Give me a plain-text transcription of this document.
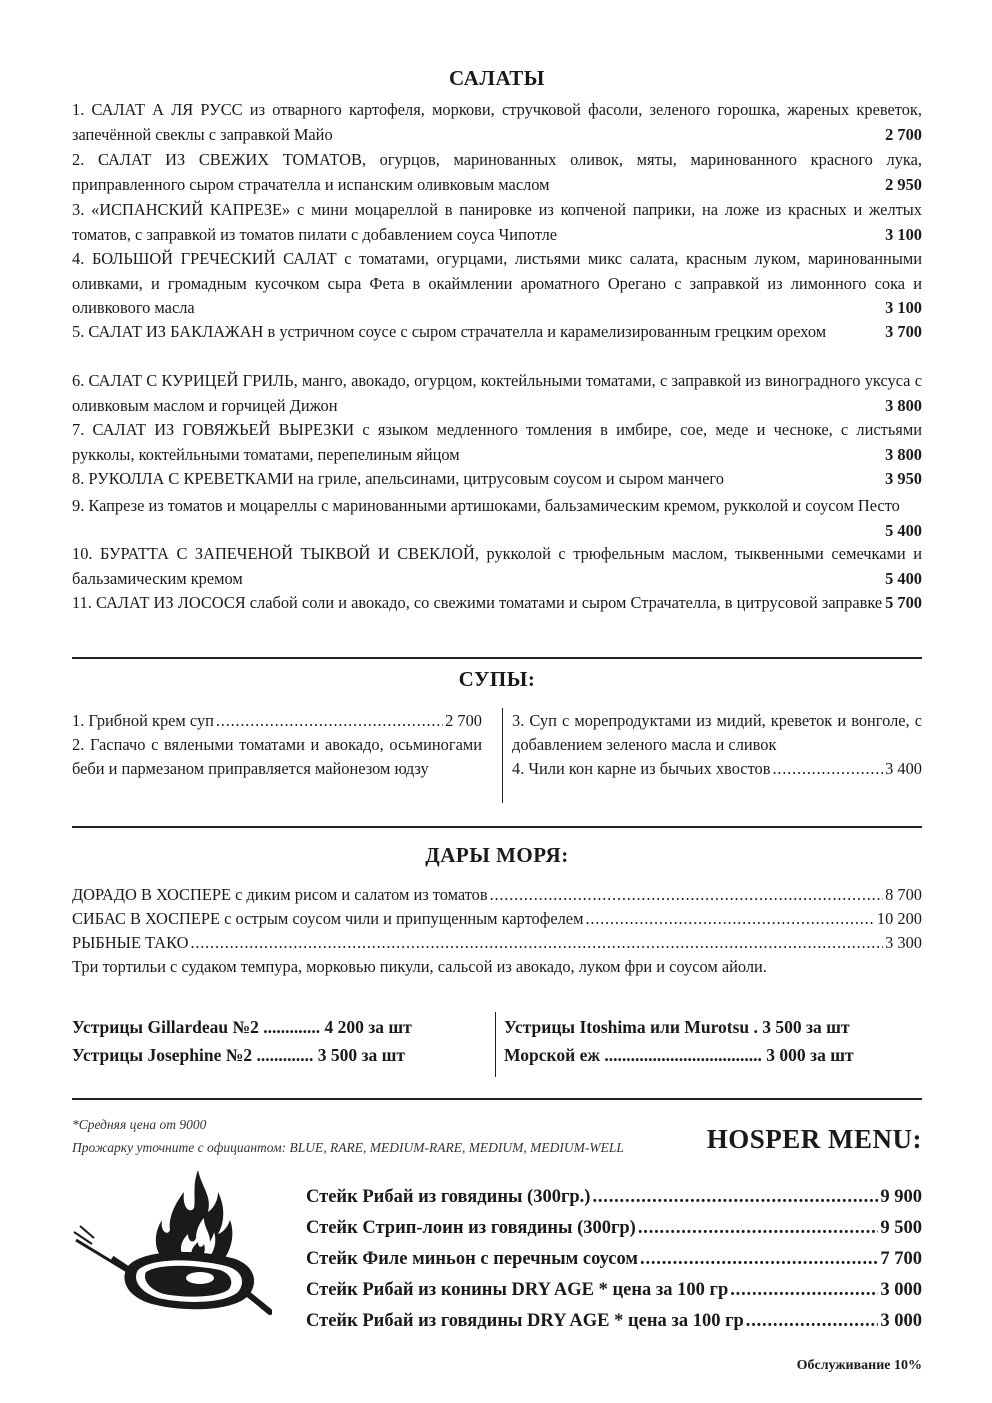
САЛАТЫ
1. САЛАТ А ЛЯ РУСС из отварного картофеля, моркови, стручковой фасоли, зеленого горошка, жареных креветок, запечённой свеклы с заправкой Майо	2 700
2. САЛАТ ИЗ СВЕЖИХ ТОМАТОВ, огурцов, маринованных оливок, мяты, маринованного красного лука, приправленного сыром страчателла и испанским оливковым маслом	2 950
3. «ИСПАНСКИЙ КАПРЕЗЕ» с мини моцареллой в панировке из копченой паприки, на ложе из красных и желтых томатов, с заправкой из томатов пилати с добавлением соуса Чипотле	3 100
4. БОЛЬШОЙ ГРЕЧЕСКИЙ САЛАТ с томатами, огурцами, листьями микс салата, красным луком, маринованными оливками, и громадным кусочком сыра Фета в окаймлении ароматного Орегано с заправкой из лимонного сока и оливкового масла	3 100
5. САЛАТ ИЗ БАКЛАЖАН в устричном соусе с сыром страчателла и карамелизированным грецким орехом	3 700
6. САЛАТ С КУРИЦЕЙ ГРИЛЬ, манго, авокадо, огурцом, коктейльными томатами, с заправкой из виноградного уксуса с оливковым маслом и горчицей Дижон	3 800
7. САЛАТ ИЗ ГОВЯЖЬЕЙ ВЫРЕЗКИ с языком медленного томления в имбире, сое, меде и чесноке, с листьями рукколы, коктейльными томатами, перепелиным яйцом	3 800
8. РУКОЛЛА С КРЕВЕТКАМИ на гриле, апельсинами, цитрусовым соусом и сыром манчего	3 950
9. Капрезе из томатов и моцареллы с маринованными артишоками, бальзамическим кремом, рукколой и соусом Песто
5 400
10. БУРАТТА С ЗАПЕЧЕНОЙ ТЫКВОЙ И СВЕКЛОЙ, рукколой с трюфельным маслом, тыквенными семечками и бальзамическим кремом	5 400
11. САЛАТ ИЗ ЛОСОСЯ слабой соли и авокадо, со свежими томатами и сыром Страчателла, в цитрусовой заправке 5 700
СУПЫ:
1. Грибной крем суп .....	2 700
2. Гаспачо с вялеными томатами и авокадо, осьминогами беби и пармезаном приправляется майонезом юдзу
3. Суп с морепродуктами из мидий, креветок и вонголе, с добавлением зеленого масла и сливок
4. Чили кон карне из бычьих хвостов .....	3 400
ДАРЫ МОРЯ:
ДОРАДО В ХОСПЕРЕ с диким рисом и салатом из томатов .....	8 700
СИБАС В ХОСПЕРЕ с острым соусом чили и припущенным картофелем .....	10 200
РЫБНЫЕ ТАКО .....	3 300
Три тортильи с судаком темпура, морковью пикули, сальсой из авокадо, луком фри и соусом айоли.
Устрицы Gillardeau №2 ............. 4 200 за шт
Устрицы Josephine №2 ............. 3 500 за шт
Устрицы Itoshima или Murotsu . 3 500 за шт
Морской еж .................................... 3 000 за шт
*Средняя цена от 9000
Прожарку уточните с официантом: BLUE, RARE, MEDIUM-RARE, MEDIUM, MEDIUM-WELL	HOSPER MENU:
Стейк Рибай из говядины (300гр.) .....	9 900
Стейк Стрип-лоин из говядины (300гр) .....	9 500
Стейк Филе миньон с перечным соусом .....	7 700
Стейк Рибай из конины DRY AGE * цена за 100 гр .....	3 000
Стейк Рибай из говядины DRY AGE * цена за 100 гр .....	3 000
Обслуживание 10%
